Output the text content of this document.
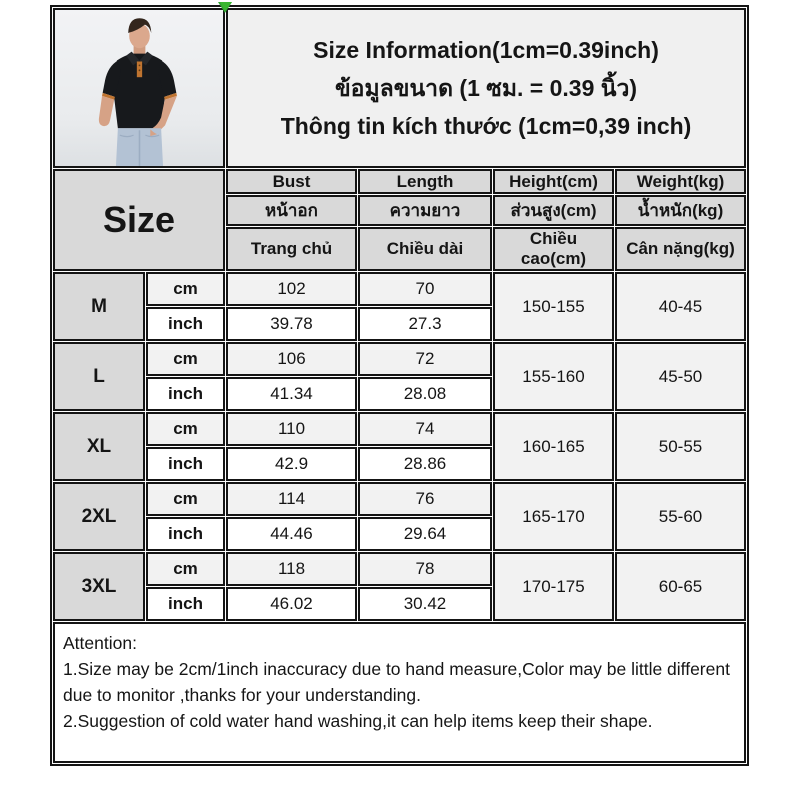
Size Information(1cm=0.39inch)
ข้อมูลขนาด (1 ซม. = 0.39 นิ้ว)
Thông tin kích thước (1cm=0,39 inch)			

Size		Bust	Length	Height(cm)	Weight(kg)
		หน้าอก	ความยาว	ส่วนสูง(cm)	น้ำหนัก(kg)
		Trang chủ	Chiều dài	Chiều cao(cm)	Cân nặng(kg)
M	cm	102	70	150-155	40-45
	inch	39.78	27.3		
L	cm	106	72	155-160	45-50
	inch	41.34	28.08		
XL	cm	110	74	160-165	50-55
	inch	42.9	28.86		
2XL	cm	114	76	165-170	55-60
	inch	44.46	29.64		
3XL	cm	118	78	170-175	60-65
	inch	46.02	30.42		

Attention:
1.Size may be 2cm/1inch inaccuracy due to hand measure,Color may be little different due to monitor ,thanks for your understanding.
2.Suggestion of cold water hand washing,it can help items keep their shape.					
